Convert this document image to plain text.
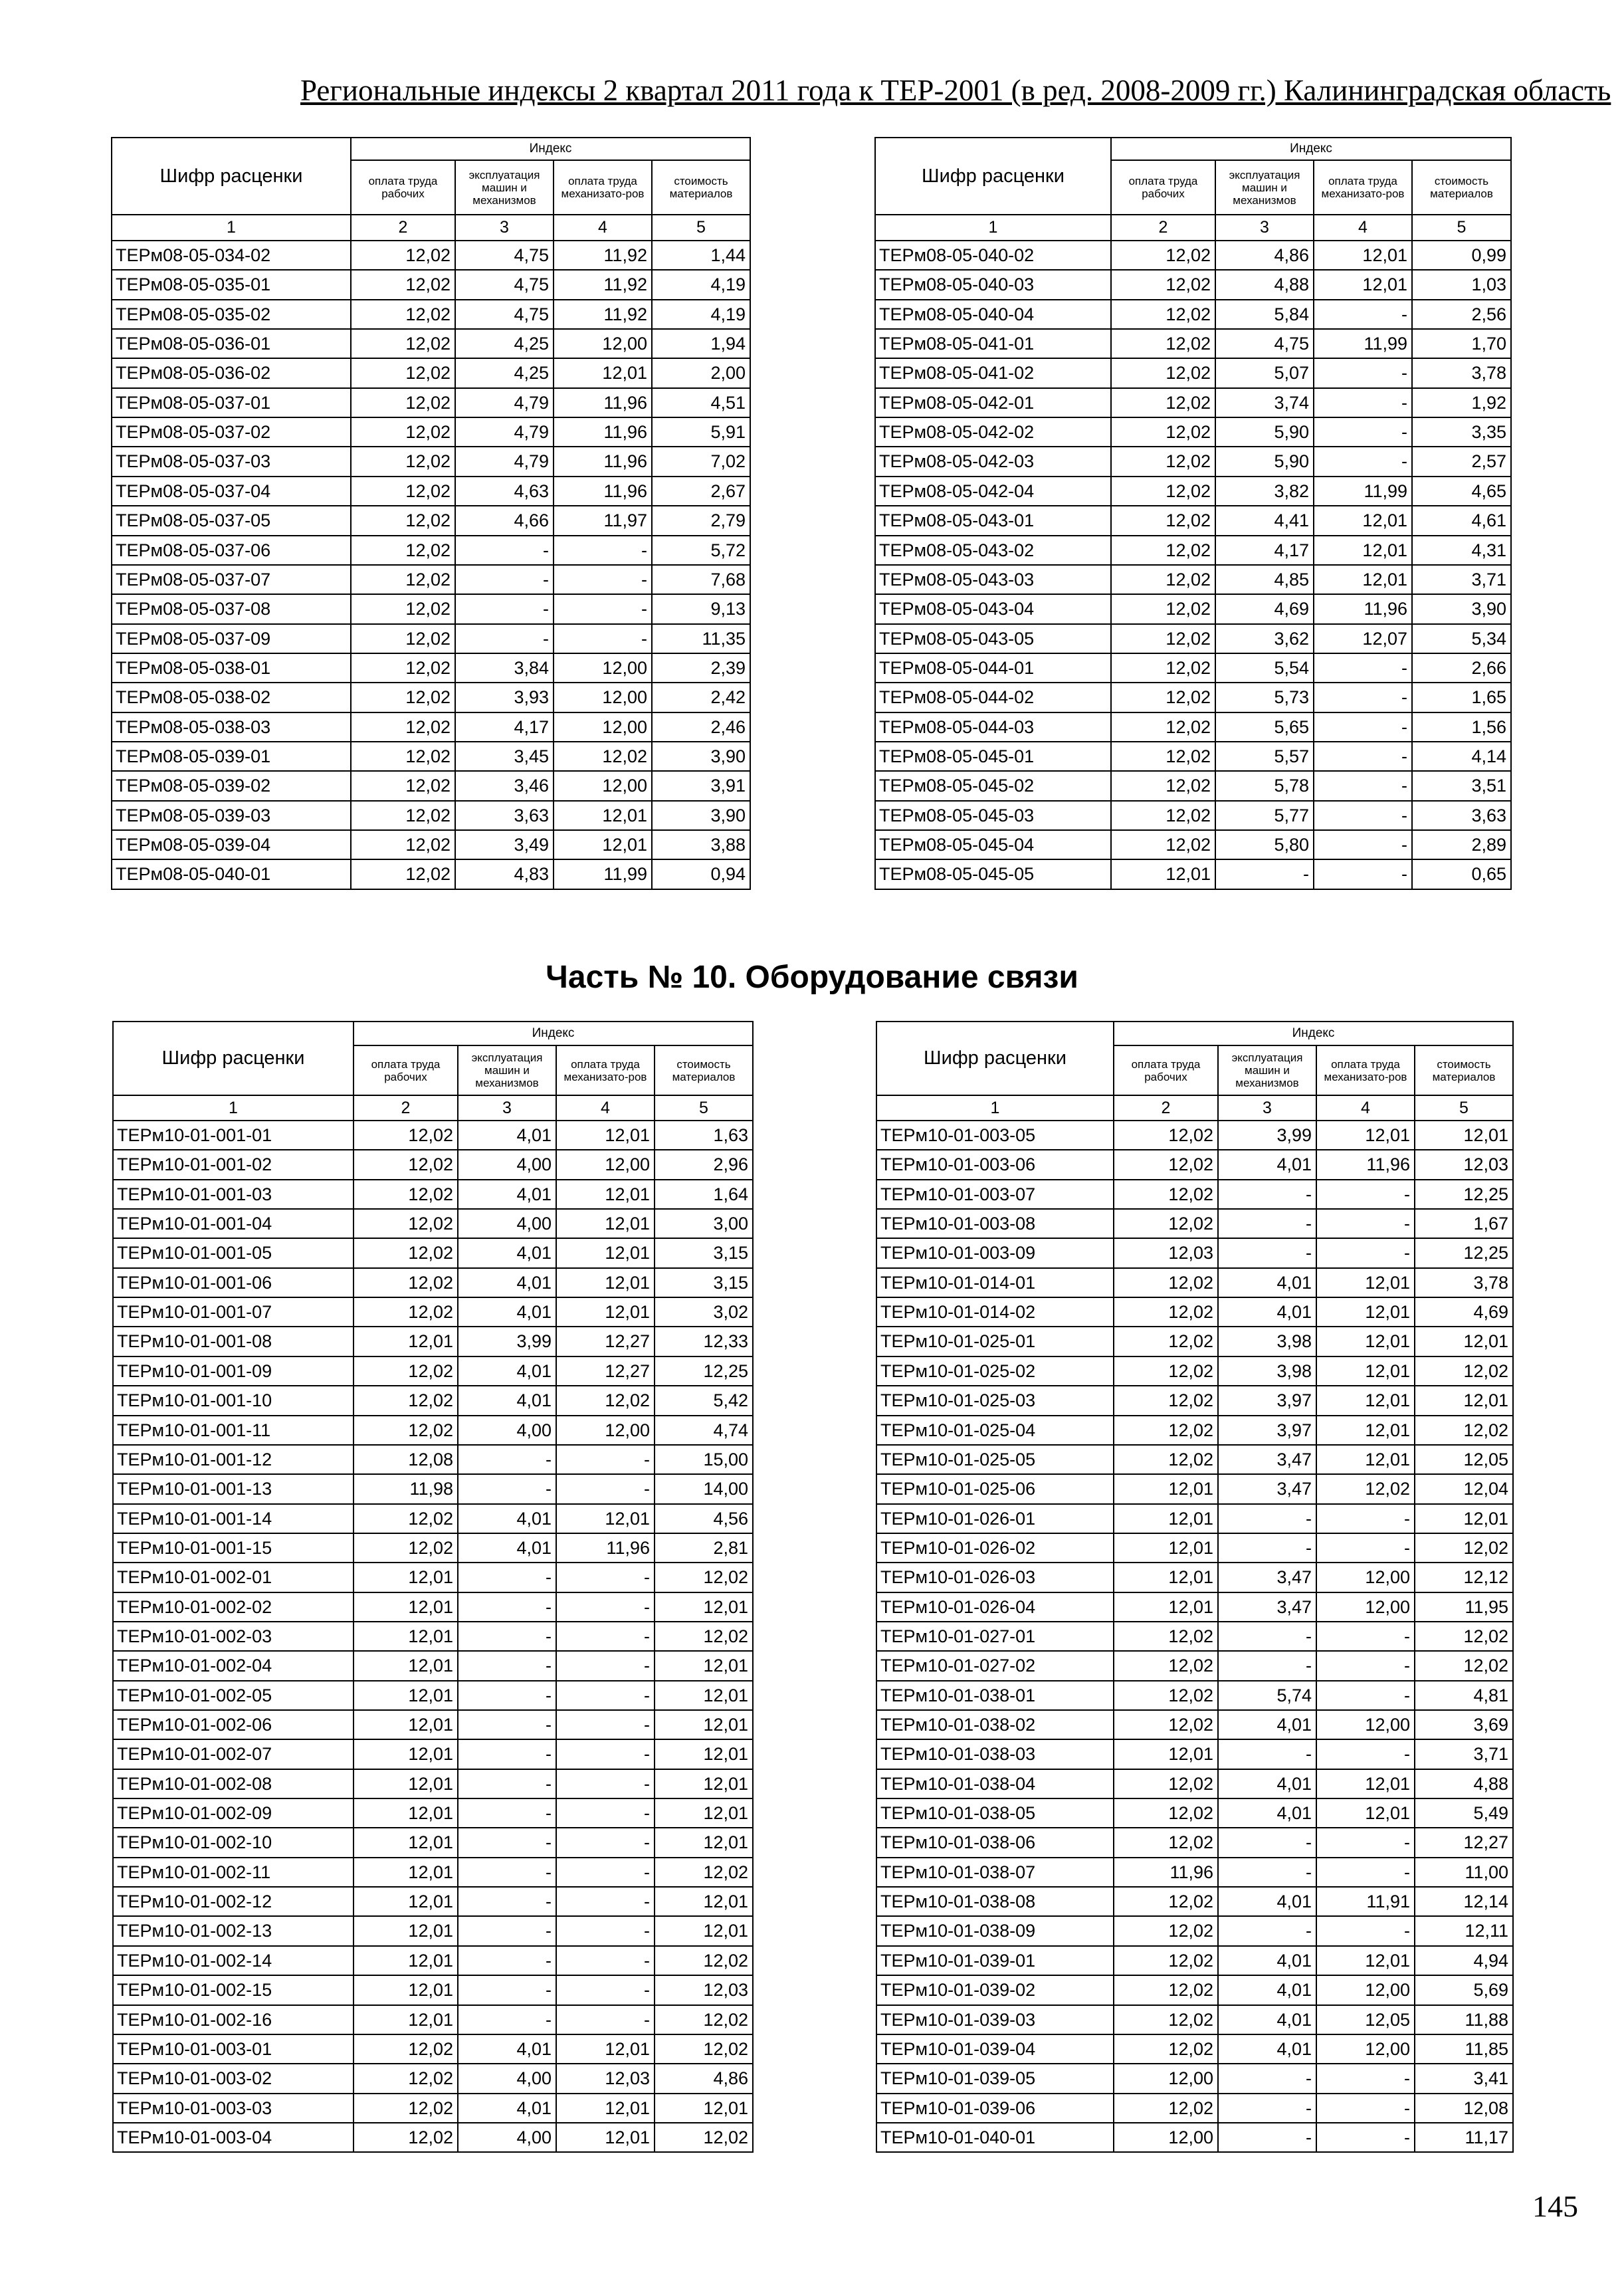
Региональные индексы 2 квартал 2011 года к ТЕР-2001 (в ред. 2008-2009 гг.) Калининградская область
Шифр расценки	Индекс			
	оплата труда рабочих	эксплуатация машин и механизмов	оплата труда механизато-ров	стоимость материалов
1	2	3	4	5
ТЕРм08-05-034-02	12,02	4,75	11,92	1,44
ТЕРм08-05-035-01	12,02	4,75	11,92	4,19
ТЕРм08-05-035-02	12,02	4,75	11,92	4,19
ТЕРм08-05-036-01	12,02	4,25	12,00	1,94
ТЕРм08-05-036-02	12,02	4,25	12,01	2,00
ТЕРм08-05-037-01	12,02	4,79	11,96	4,51
ТЕРм08-05-037-02	12,02	4,79	11,96	5,91
ТЕРм08-05-037-03	12,02	4,79	11,96	7,02
ТЕРм08-05-037-04	12,02	4,63	11,96	2,67
ТЕРм08-05-037-05	12,02	4,66	11,97	2,79
ТЕРм08-05-037-06	12,02	-	-	5,72
ТЕРм08-05-037-07	12,02	-	-	7,68
ТЕРм08-05-037-08	12,02	-	-	9,13
ТЕРм08-05-037-09	12,02	-	-	11,35
ТЕРм08-05-038-01	12,02	3,84	12,00	2,39
ТЕРм08-05-038-02	12,02	3,93	12,00	2,42
ТЕРм08-05-038-03	12,02	4,17	12,00	2,46
ТЕРм08-05-039-01	12,02	3,45	12,02	3,90
ТЕРм08-05-039-02	12,02	3,46	12,00	3,91
ТЕРм08-05-039-03	12,02	3,63	12,01	3,90
ТЕРм08-05-039-04	12,02	3,49	12,01	3,88
ТЕРм08-05-040-01	12,02	4,83	11,99	0,94
Шифр расценки	Индекс			
	оплата труда рабочих	эксплуатация машин и механизмов	оплата труда механизато-ров	стоимость материалов
1	2	3	4	5
ТЕРм08-05-040-02	12,02	4,86	12,01	0,99
ТЕРм08-05-040-03	12,02	4,88	12,01	1,03
ТЕРм08-05-040-04	12,02	5,84	-	2,56
ТЕРм08-05-041-01	12,02	4,75	11,99	1,70
ТЕРм08-05-041-02	12,02	5,07	-	3,78
ТЕРм08-05-042-01	12,02	3,74	-	1,92
ТЕРм08-05-042-02	12,02	5,90	-	3,35
ТЕРм08-05-042-03	12,02	5,90	-	2,57
ТЕРм08-05-042-04	12,02	3,82	11,99	4,65
ТЕРм08-05-043-01	12,02	4,41	12,01	4,61
ТЕРм08-05-043-02	12,02	4,17	12,01	4,31
ТЕРм08-05-043-03	12,02	4,85	12,01	3,71
ТЕРм08-05-043-04	12,02	4,69	11,96	3,90
ТЕРм08-05-043-05	12,02	3,62	12,07	5,34
ТЕРм08-05-044-01	12,02	5,54	-	2,66
ТЕРм08-05-044-02	12,02	5,73	-	1,65
ТЕРм08-05-044-03	12,02	5,65	-	1,56
ТЕРм08-05-045-01	12,02	5,57	-	4,14
ТЕРм08-05-045-02	12,02	5,78	-	3,51
ТЕРм08-05-045-03	12,02	5,77	-	3,63
ТЕРм08-05-045-04	12,02	5,80	-	2,89
ТЕРм08-05-045-05	12,01	-	-	0,65
Часть № 10. Оборудование связи
Шифр расценки	Индекс			
	оплата труда рабочих	эксплуатация машин и механизмов	оплата труда механизато-ров	стоимость материалов
1	2	3	4	5
ТЕРм10-01-001-01	12,02	4,01	12,01	1,63
ТЕРм10-01-001-02	12,02	4,00	12,00	2,96
ТЕРм10-01-001-03	12,02	4,01	12,01	1,64
ТЕРм10-01-001-04	12,02	4,00	12,01	3,00
ТЕРм10-01-001-05	12,02	4,01	12,01	3,15
ТЕРм10-01-001-06	12,02	4,01	12,01	3,15
ТЕРм10-01-001-07	12,02	4,01	12,01	3,02
ТЕРм10-01-001-08	12,01	3,99	12,27	12,33
ТЕРм10-01-001-09	12,02	4,01	12,27	12,25
ТЕРм10-01-001-10	12,02	4,01	12,02	5,42
ТЕРм10-01-001-11	12,02	4,00	12,00	4,74
ТЕРм10-01-001-12	12,08	-	-	15,00
ТЕРм10-01-001-13	11,98	-	-	14,00
ТЕРм10-01-001-14	12,02	4,01	12,01	4,56
ТЕРм10-01-001-15	12,02	4,01	11,96	2,81
ТЕРм10-01-002-01	12,01	-	-	12,02
ТЕРм10-01-002-02	12,01	-	-	12,01
ТЕРм10-01-002-03	12,01	-	-	12,02
ТЕРм10-01-002-04	12,01	-	-	12,01
ТЕРм10-01-002-05	12,01	-	-	12,01
ТЕРм10-01-002-06	12,01	-	-	12,01
ТЕРм10-01-002-07	12,01	-	-	12,01
ТЕРм10-01-002-08	12,01	-	-	12,01
ТЕРм10-01-002-09	12,01	-	-	12,01
ТЕРм10-01-002-10	12,01	-	-	12,01
ТЕРм10-01-002-11	12,01	-	-	12,02
ТЕРм10-01-002-12	12,01	-	-	12,01
ТЕРм10-01-002-13	12,01	-	-	12,01
ТЕРм10-01-002-14	12,01	-	-	12,02
ТЕРм10-01-002-15	12,01	-	-	12,03
ТЕРм10-01-002-16	12,01	-	-	12,02
ТЕРм10-01-003-01	12,02	4,01	12,01	12,02
ТЕРм10-01-003-02	12,02	4,00	12,03	4,86
ТЕРм10-01-003-03	12,02	4,01	12,01	12,01
ТЕРм10-01-003-04	12,02	4,00	12,01	12,02
Шифр расценки	Индекс			
	оплата труда рабочих	эксплуатация машин и механизмов	оплата труда механизато-ров	стоимость материалов
1	2	3	4	5
ТЕРм10-01-003-05	12,02	3,99	12,01	12,01
ТЕРм10-01-003-06	12,02	4,01	11,96	12,03
ТЕРм10-01-003-07	12,02	-	-	12,25
ТЕРм10-01-003-08	12,02	-	-	1,67
ТЕРм10-01-003-09	12,03	-	-	12,25
ТЕРм10-01-014-01	12,02	4,01	12,01	3,78
ТЕРм10-01-014-02	12,02	4,01	12,01	4,69
ТЕРм10-01-025-01	12,02	3,98	12,01	12,01
ТЕРм10-01-025-02	12,02	3,98	12,01	12,02
ТЕРм10-01-025-03	12,02	3,97	12,01	12,01
ТЕРм10-01-025-04	12,02	3,97	12,01	12,02
ТЕРм10-01-025-05	12,02	3,47	12,01	12,05
ТЕРм10-01-025-06	12,01	3,47	12,02	12,04
ТЕРм10-01-026-01	12,01	-	-	12,01
ТЕРм10-01-026-02	12,01	-	-	12,02
ТЕРм10-01-026-03	12,01	3,47	12,00	12,12
ТЕРм10-01-026-04	12,01	3,47	12,00	11,95
ТЕРм10-01-027-01	12,02	-	-	12,02
ТЕРм10-01-027-02	12,02	-	-	12,02
ТЕРм10-01-038-01	12,02	5,74	-	4,81
ТЕРм10-01-038-02	12,02	4,01	12,00	3,69
ТЕРм10-01-038-03	12,01	-	-	3,71
ТЕРм10-01-038-04	12,02	4,01	12,01	4,88
ТЕРм10-01-038-05	12,02	4,01	12,01	5,49
ТЕРм10-01-038-06	12,02	-	-	12,27
ТЕРм10-01-038-07	11,96	-	-	11,00
ТЕРм10-01-038-08	12,02	4,01	11,91	12,14
ТЕРм10-01-038-09	12,02	-	-	12,11
ТЕРм10-01-039-01	12,02	4,01	12,01	4,94
ТЕРм10-01-039-02	12,02	4,01	12,00	5,69
ТЕРм10-01-039-03	12,02	4,01	12,05	11,88
ТЕРм10-01-039-04	12,02	4,01	12,00	11,85
ТЕРм10-01-039-05	12,00	-	-	3,41
ТЕРм10-01-039-06	12,02	-	-	12,08
ТЕРм10-01-040-01	12,00	-	-	11,17
145
